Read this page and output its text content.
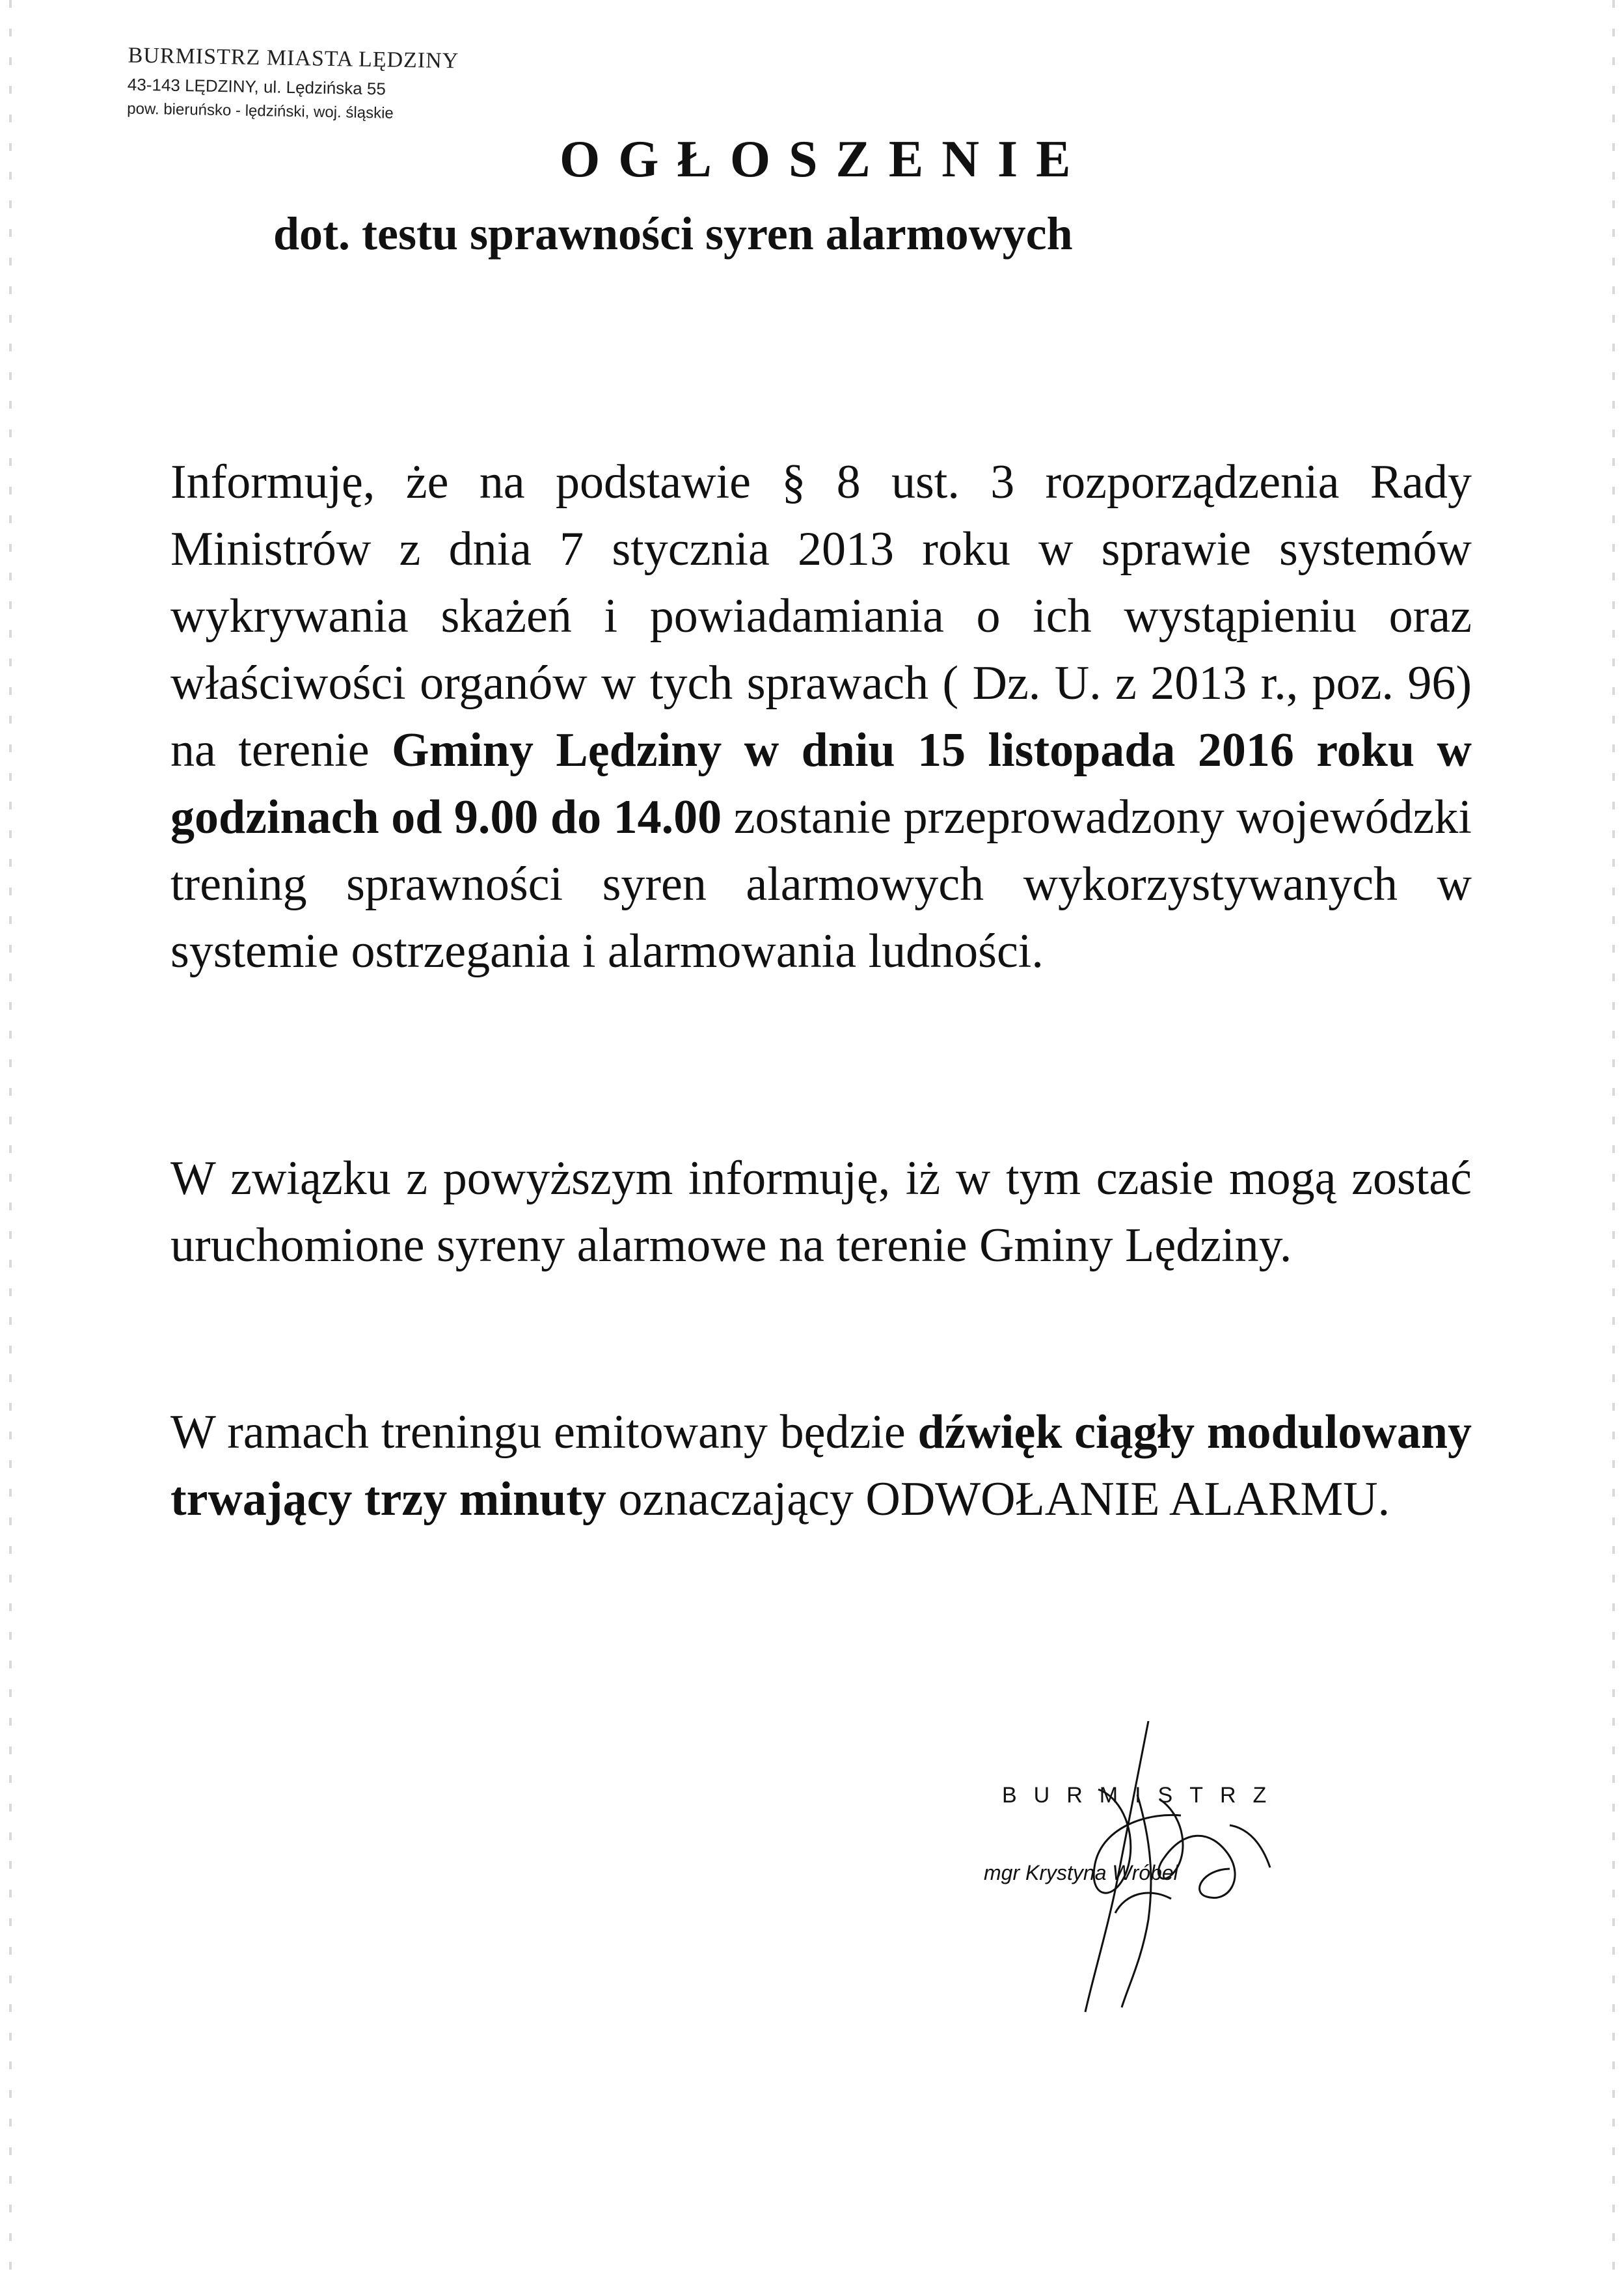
BURMISTRZ MIASTA LĘDZINY
43-143 LĘDZINY, ul. Lędzińska 55
pow. bieruńsko - lędziński, woj. śląskie
OGŁOSZENIE
dot. testu sprawności syren alarmowych
Informuję, że na podstawie § 8 ust. 3 rozporządzenia Rady Ministrów z dnia 7 stycznia 2013 roku w sprawie systemów wykrywania skażeń i powiadamiania o ich wystąpieniu oraz właściwości organów w tych sprawach ( Dz. U. z 2013 r., poz. 96) na terenie Gminy Lędziny w dniu 15 listopada 2016 roku w godzinach od 9.00 do 14.00 zostanie przeprowadzony wojewódzki trening sprawności syren alarmowych wykorzystywanych w systemie ostrzegania i alarmowania ludności.
W związku z powyższym informuję, iż w tym czasie mogą zostać uruchomione syreny alarmowe na terenie Gminy Lędziny.
W ramach treningu emitowany będzie dźwięk ciągły modulowany trwający trzy minuty oznaczający ODWOŁANIE ALARMU.
BURMISTRZ
mgr Krystyna Wróbel
